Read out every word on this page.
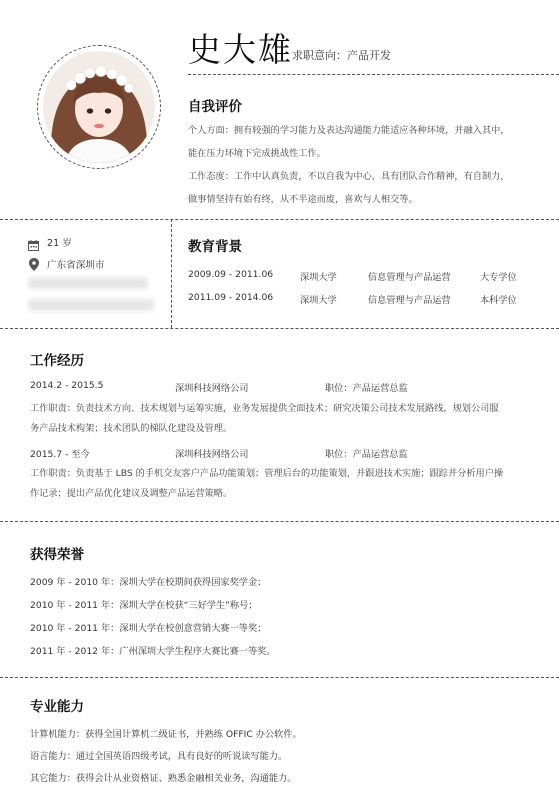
史大雄 求职意向：产品开发
自我评价
个人方面：拥有较强的学习能力及表达沟通能力能适应各种环境，并融入其中，
能在压力环境下完成挑战性工作。
工作态度：工作中认真负责，不以自我为中心，具有团队合作精神，有自制力，
做事情坚持有始有终，从不半途而废，喜欢与人相交等。
21 岁
广东省深圳市
教育背景
2009.09 - 2011.06	深圳大学	信息管理与产品运营	大专学位
2011.09 - 2014.06	深圳大学	信息管理与产品运营	本科学位
工作经历
2014.2 - 2015.5	深圳科技网络公司	职位：产品运营总监
工作职责：负责技术方向、技术规划与运筹实施，业务发展提供全面技术；研究决策公司技术发展路线，规划公司服
务产品技术构架；技术团队的梯队化建设及管理。
2015.7 - 至今	深圳科技网络公司	职位：产品运营总监
工作职责：负责基于 LBS 的手机交友客户产品功能策划；管理后台的功能策划，并跟进技术实施；跟踪并分析用户操
作记录；提出产品优化建议及调整产品运营策略。
获得荣誉
2009 年 - 2010 年：深圳大学在校期间获得国家奖学金；
2010 年 - 2011 年：深圳大学在校获“三好学生”称号；
2010 年 - 2011 年：深圳大学在校创意营销大赛一等奖；
2011 年 - 2012 年：广州深圳大学生程序大赛比赛一等奖。
专业能力
计算机能力：获得全国计算机二级证书，并熟练 OFFIC 办公软件。
语言能力：通过全国英语四级考试，具有良好的听说读写能力。
其它能力：获得会计从业资格证、熟悉金融相关业务，沟通能力。
